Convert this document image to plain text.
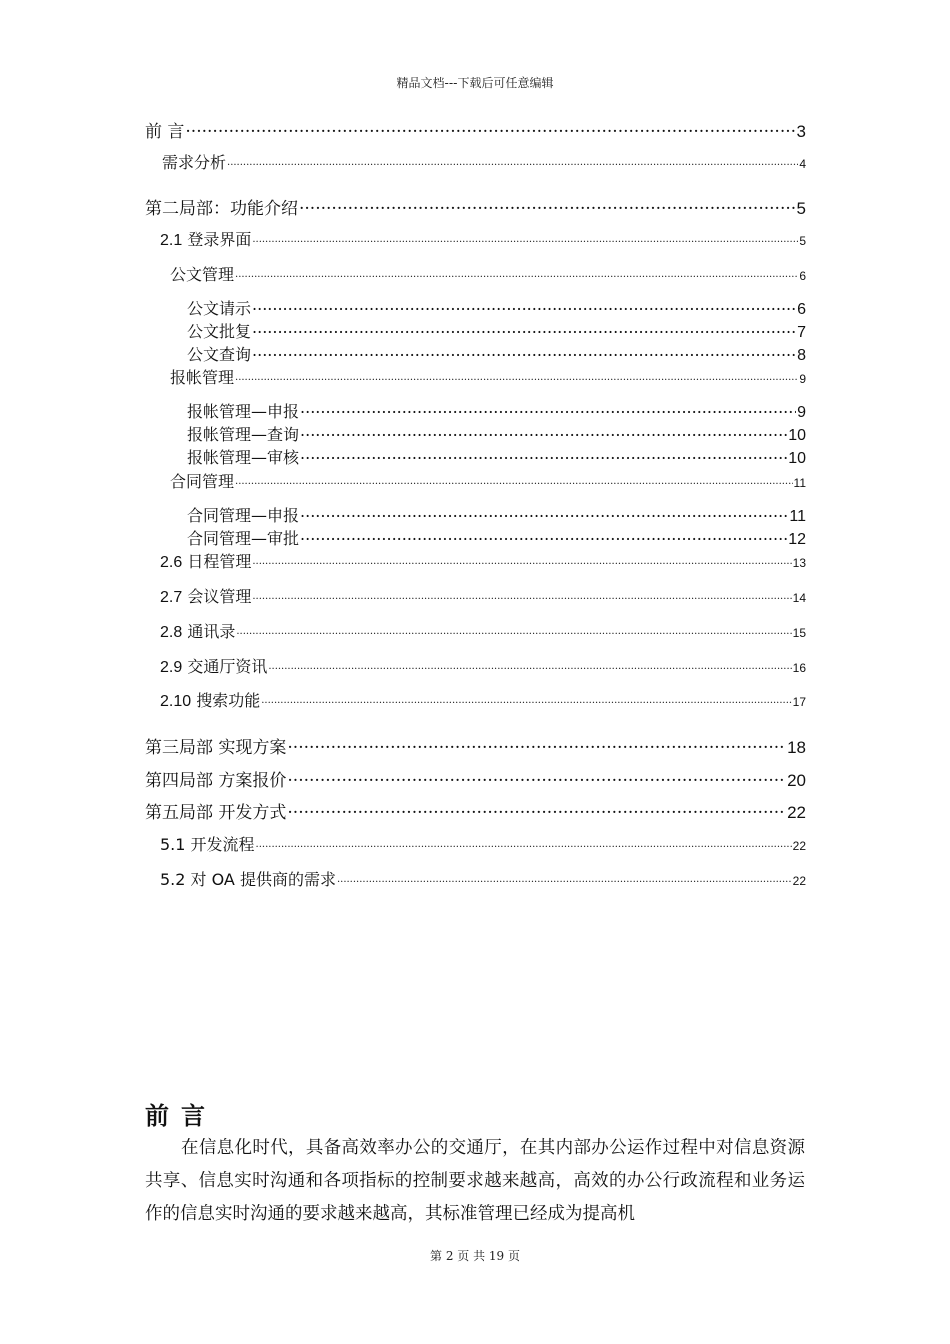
精品文档---下载后可任意编辑
前 言 .....	3
需求分析 .....	4
第二局部：功能介绍 .....	5
2.1 登录界面 .....	5
公文管理 .....	6
公文请示 .....	6
公文批复 .....	7
公文查询 .....	8
报帐管理 .....	9
报帐管理—申报 .....	9
报帐管理—查询 .....	10
报帐管理—审核 .....	10
合同管理 .....	11
合同管理—申报 .....	11
合同管理—审批 .....	12
2.6 日程管理 .....	13
2.7 会议管理 .....	14
2.8 通讯录 .....	15
2.9 交通厅资讯 .....	16
2.10 搜索功能 .....	17
第三局部 实现方案 .....	18
第四局部 方案报价 .....	20
第五局部 开发方式 .....	22
5.1 开发流程 .....	22
5.2 对 OA 提供商的需求 .....	22
前言
在信息化时代，具备高效率办公的交通厅，在其内部办公运作过程中对信息资源共享、信息实时沟通和各项指标的控制要求越来越高，高效的办公行政流程和业务运作的信息实时沟通的要求越来越高，其标准管理已经成为提高机
第 2 页 共 19 页
